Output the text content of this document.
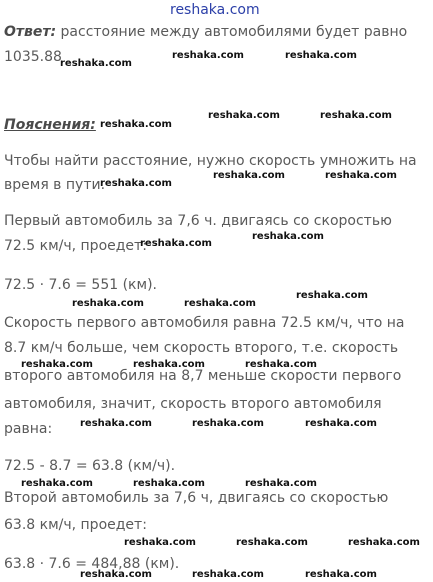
reshaka.com
Ответ: расстояние между автомобилями будет равно
1035.88
Пояснения:
Чтобы найти расстояние, нужно скорость умножить на
время в пути.
Первый автомобиль за 7,6 ч. двигаясь со скоростью
72.5 км/ч, проедет:
72.5 · 7.6 = 551 (км).
Скорость первого автомобиля равна 72.5 км/ч, что на
8.7 км/ч больше, чем скорость второго, т.е. скорость
второго автомобиля на 8,7 меньше скорости первого
автомобиля, значит, скорость второго автомобиля
равна:
72.5 - 8.7 = 63.8 (км/ч).
Второй автомобиль за 7,6 ч, двигаясь со скоростью
63.8 км/ч, проедет:
63.8 · 7.6 = 484,88 (км).
reshaka.com
reshaka.com	reshaka.com
reshaka.com	reshaka.com
reshaka.com
reshaka.com	reshaka.com
reshaka.com
reshaka.com
reshaka.com
reshaka.com
reshaka.com	reshaka.com
reshaka.com	reshaka.com	reshaka.com
reshaka.com	reshaka.com	reshaka.com
reshaka.com	reshaka.com	reshaka.com
reshaka.com	reshaka.com	reshaka.com
reshaka.com	reshaka.com	reshaka.com
